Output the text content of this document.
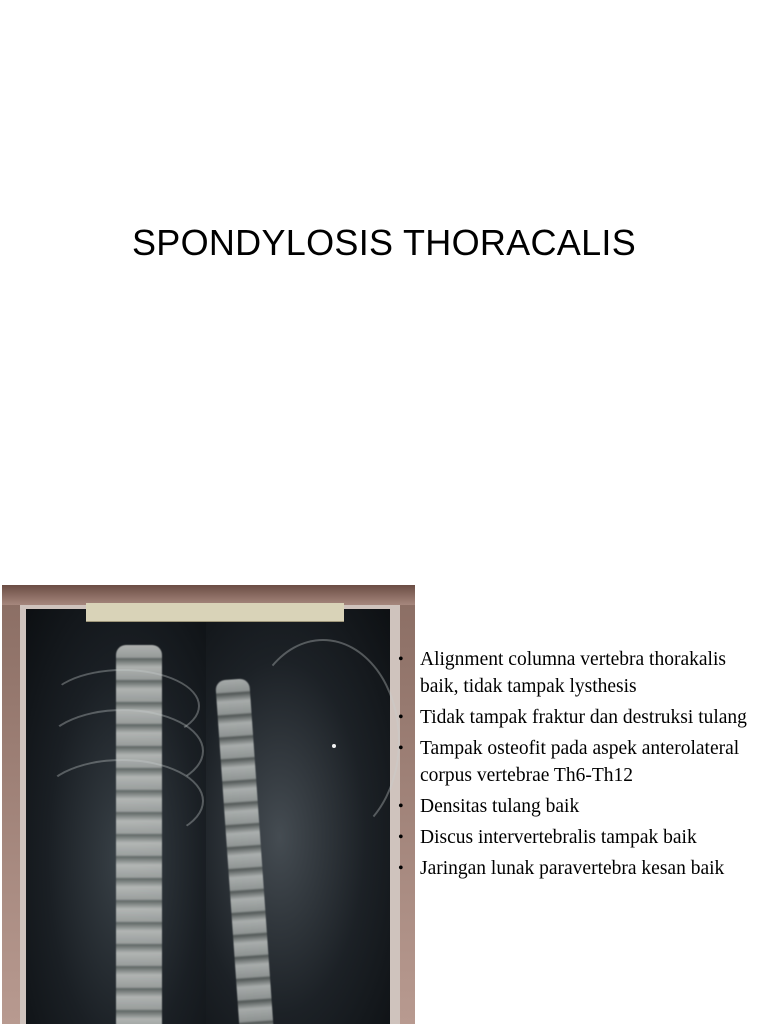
SPONDYLOSIS THORACALIS
• Alignment columna vertebra thorakalis baik, tidak tampak lysthesis
• Tidak tampak fraktur dan destruksi tulang
• Tampak osteofit pada aspek anterolateral corpus vertebrae Th6-Th12
• Densitas tulang baik
• Discus intervertebralis tampak baik
• Jaringan lunak paravertebra kesan baik
